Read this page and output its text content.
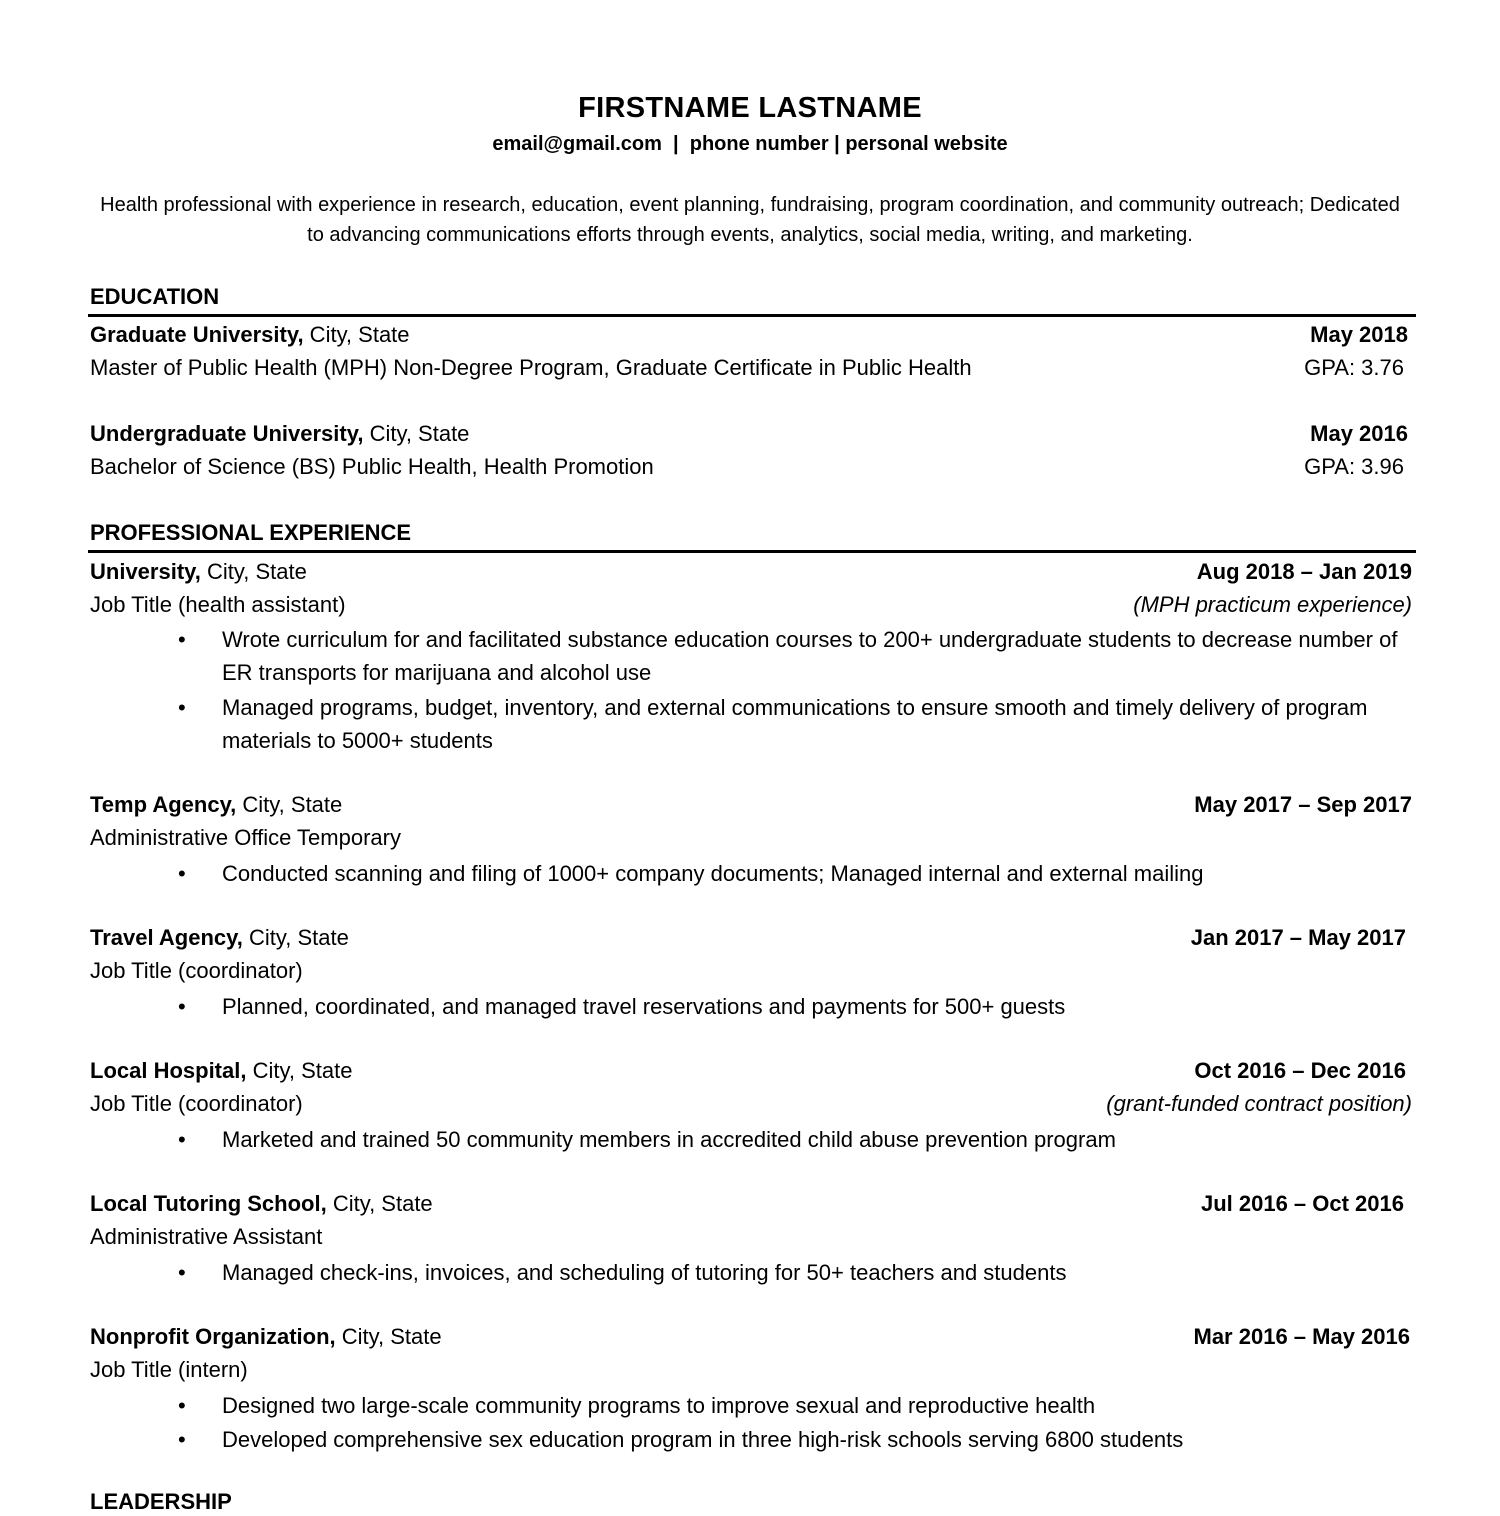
FIRSTNAME LASTNAME
email@gmail.com  |  phone number | personal website
Health professional with experience in research, education, event planning, fundraising, program coordination, and community outreach; Dedicated to advancing communications efforts through events, analytics, social media, writing, and marketing.
EDUCATION
Graduate University, City, State	May 2018
Master of Public Health (MPH) Non-Degree Program, Graduate Certificate in Public Health	GPA: 3.76
Undergraduate University, City, State	May 2016
Bachelor of Science (BS) Public Health, Health Promotion	GPA: 3.96
PROFESSIONAL EXPERIENCE
University, City, State	Aug 2018 – Jan 2019
Job Title (health assistant)	(MPH practicum experience)
• Wrote curriculum for and facilitated substance education courses to 200+ undergraduate students to decrease number of ER transports for marijuana and alcohol use
• Managed programs, budget, inventory, and external communications to ensure smooth and timely delivery of program materials to 5000+ students
Temp Agency, City, State	May 2017 – Sep 2017
Administrative Office Temporary
• Conducted scanning and filing of 1000+ company documents; Managed internal and external mailing
Travel Agency, City, State	Jan 2017 – May 2017
Job Title (coordinator)
• Planned, coordinated, and managed travel reservations and payments for 500+ guests
Local Hospital, City, State	Oct 2016 – Dec 2016
Job Title (coordinator)	(grant-funded contract position)
• Marketed and trained 50 community members in accredited child abuse prevention program
Local Tutoring School, City, State	Jul 2016 – Oct 2016
Administrative Assistant
• Managed check-ins, invoices, and scheduling of tutoring for 50+ teachers and students
Nonprofit Organization, City, State	Mar 2016 – May 2016
Job Title (intern)
• Designed two large-scale community programs to improve sexual and reproductive health
• Developed comprehensive sex education program in three high-risk schools serving 6800 students
LEADERSHIP
